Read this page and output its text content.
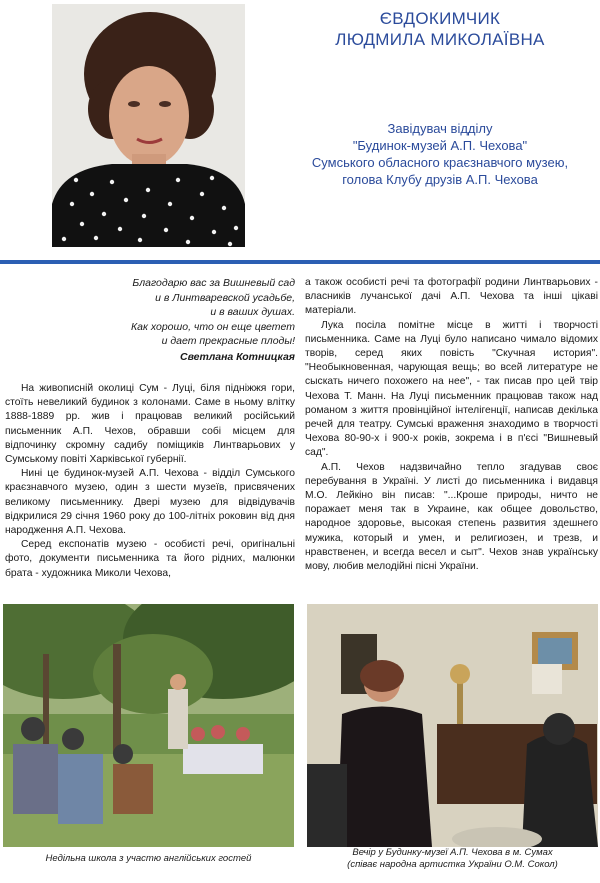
ЄВДОКИМЧИК
ЛЮДМИЛА МИКОЛАЇВНА
Завідувач відділу
"Будинок-музей А.П. Чехова"
Сумського обласного краєзнавчого музею,
голова Клубу друзів А.П. Чехова
Благодарю вас за Вишневый сад
и в Линтваревской усадьбе,
и в ваших душах.
Как хорошо, что он еще цветет
и дает прекрасные плоды!
Светлана Котницкая

На живописній околиці Сум - Луці, біля підніжжя гори, стоїть невеликий будинок з колонами. Саме в ньому влітку 1888-1889 рр. жив і працював великий російський письменник А.П. Чехов, обравши собі місцем для відпочинку скромну садибу поміщиків Линтварьових у Сумському повіті Харківської губернії.

Нині це будинок-музей А.П. Чехова - відділ Сумського краєзнавчого музею, один з шести музеїв, присвячених великому письменнику. Двері музею для відвідувачів відкрилися 29 січня 1960 року до 100-літніх роковин від дня народження А.П. Чехова.

Серед експонатів музею - особисті речі, оригінальні фото, документи письменника та його рідних, малюнки брата - художника Миколи Чехова,

а також особисті речі та фотографії родини Линтварьових - власників лучанської дачі А.П. Чехова та інші цікаві матеріали.

Лука посіла помітне місце в житті і творчості письменника. Саме на Луці було написано чимало відомих творів, серед яких повість "Скучная история". "Необыкновенная, чарующая вещь; во всей литературе не сыскать ничего похожего на нее", - так писав про цей твір Чехова Т. Манн. На Луці письменник працював також над романом з життя провінційної інтелігенції, написав декілька речей для театру. Сумські враження знаходимо в творчості Чехова 80-90-х і 900-х років, зокрема і в п'єсі "Вишневый сад".

А.П. Чехов надзвичайно тепло згадував своє перебування в Україні. У листі до письменника і видавця М.О. Лейкіно він писав: "...Кроше природы, ничто не поражает меня так в Украине, как общее довольство, народное здоровье, высокая степень развития здешнего мужика, который и умен, и религиозен, и трезв, и нравственен, и всегда весел и сыт". Чехов знав українську мову, любив мелодійні пісні України.

Недільна школа з участю англійських гостей
Вечір у Будинку-музеї А.П. Чехова в м. Сумах
(співає народна артистка України О.М. Сокол)
